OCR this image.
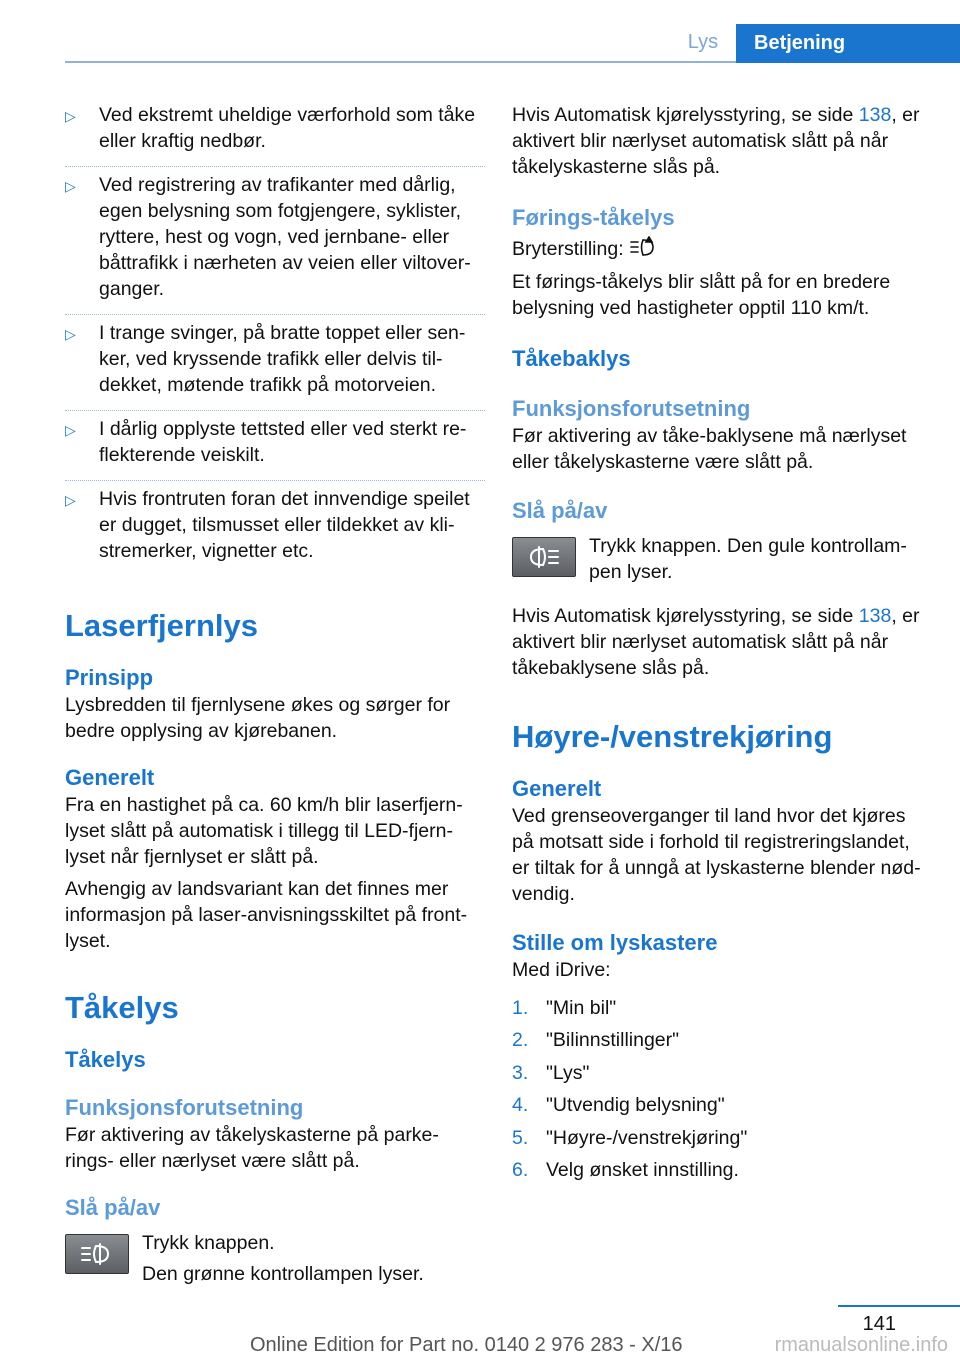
Lys	Betjening
▷ Ved ekstremt uheldige værforhold som tåke eller kraftig nedbør.
▷ Ved registrering av trafikanter med dårlig, egen belysning som fotgjengere, syklister, ryttere, hest og vogn, ved jernbane- eller båttrafikk i nærheten av veien eller viltover‐ganger.
▷ I trange svinger, på bratte toppet eller sen‐ker, ved kryssende trafikk eller delvis til‐dekket, møtende trafikk på motorveien.
▷ I dårlig opplyste tettsted eller ved sterkt re‐flekterende veiskilt.
▷ Hvis frontruten foran det innvendige speilet er dugget, tilsmusset eller tildekket av kli‐stremerker, vignetter etc.
Laserfjernlys
Prinsipp

Lysbredden til fjernlysene økes og sørger for bedre opplysing av kjørebanen.

Generelt

Fra en hastighet på ca. 60 km/h blir laserfjern‐lyset slått på automatisk i tillegg til LED-fjern‐lyset når fjernlyset er slått på.

Avhengig av landsvariant kan det finnes mer informasjon på laser-anvisningsskiltet på front‐lyset.

Tåkelys
Tåkelys
Funksjonsforutsetning

Før aktivering av tåkelyskasterne på parke‐rings- eller nærlyset være slått på.

Slå på/av

Trykk knappen.

Den grønne kontrollampen lyser.

Hvis Automatisk kjørelysstyring, se side 138, er aktivert blir nærlyset automatisk slått på når tåkelyskasterne slås på.

Førings-tåkelys

Bryterstilling:

Et førings-tåkelys blir slått på for en bredere belysning ved hastigheter opptil 110 km/t.

Tåkebaklys
Funksjonsforutsetning

Før aktivering av tåke-baklysene må nærlyset eller tåkelyskasterne være slått på.

Slå på/av

Trykk knappen. Den gule kontrollam‐pen lyser.

Hvis Automatisk kjørelysstyring, se side 138, er aktivert blir nærlyset automatisk slått på når tåkebaklysene slås på.

Høyre-/venstrekjøring
Generelt

Ved grenseoverganger til land hvor det kjøres på motsatt side i forhold til registreringslandet, er tiltak for å unngå at lyskasterne blender nød‐vendig.

Stille om lyskastere

Med iDrive:

1. "Min bil"
2. "Bilinnstillinger"
3. "Lys"
4. "Utvendig belysning"
5. "Høyre-/venstrekjøring"
6. Velg ønsket innstilling.
141
Online Edition for Part no. 0140 2 976 283 - X/16	rmanualsonline.info
